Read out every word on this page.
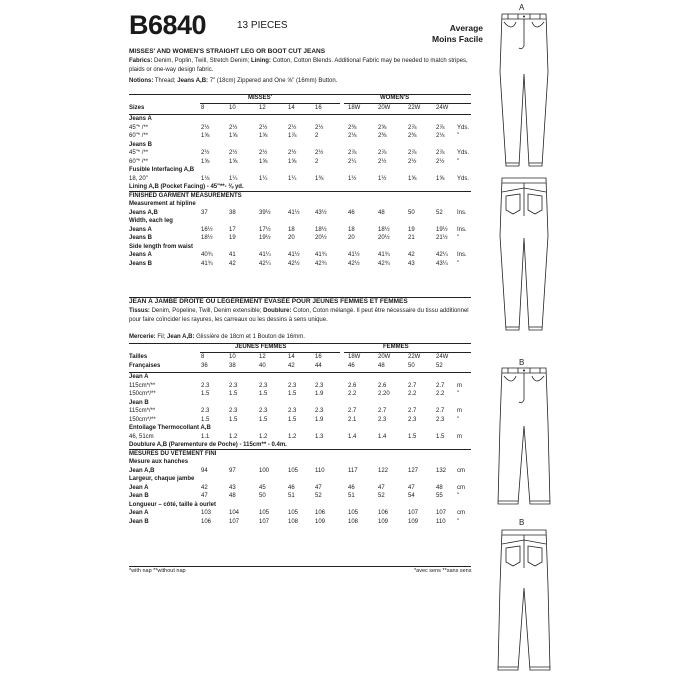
B6840	13 PIECES	Average
Moins Facile
MISSES' AND WOMEN'S STRAIGHT LEG OR BOOT CUT JEANS
Fabrics: Denim, Poplin, Twill, Stretch Denim; Lining: Cotton, Cotton Blends. Additional Fabric may be needed to match stripes, plaids or one-way design fabric.
Notions: Thread; Jeans A,B: 7" (18cm) Zippered and One ⅝" (16mm) Button.
MISSES'	WOMEN'S
Sizes	8	10	12	14	16	18W	20W	22W	24W
Jeans A
45"* /**	2½	2½	2½	2½	2½	2⅜	2⅝	2⅞	2⅞ Yds.
60"* /**	1⅝	1⅝	1⅝	1⅞	2	2⅛	2⅜	2⅜	2⅛ "
Jeans B
45"* /**	2½	2½	2½	2½	2½	2⅞	2⅞	2⅞	2⅞ Yds.
60"* /**	1⅝	1⅝	1⅝	1⅝	2	2¼	2½	2½	2½ "
Fusible Interfacing A,B
18, 20"	1⅛	1¼	1¼	1¼	1⅜	1½	1½	1⅝	1⅝ Yds.
Lining A,B (Pocket Facing) - 45"**- ⅜ yd.
FINISHED GARMENT MEASUREMENTS
Measurement at hipline
Jeans A,B	37	38	39½	41½	43½	46	48	50	52 Ins.
Width, each leg
Jeans A	16½	17	17½	18	18½	18	18½	19	19½ Ins.
Jeans B	18½	19	19½	20	20½	20	20½	21	21½ "
Side length from waist
Jeans A	40¾	41	41¼	41½	41¾	41½	41¾	42	42¼ Ins.
Jeans B	41¾	42	42¼	42½	42¾	42½	42¾	43	43¼ "
JEAN À JAMBE DROITE OU LÉGÈREMENT ÉVASÉE POUR JEUNES FEMMES ET FEMMES
Tissus: Denim, Popeline, Twill, Denim extensible; Doublure: Coton, Coton mélangé. Il peut être nécessaire du tissu additionnel pour faire coïncider les rayures, les carreaux ou les dessins à sens unique.
Mercerie: Fil; Jean A,B: Glissière de 18cm et 1 Bouton de 16mm.
JEUNES FEMMES	FEMMES
Tailles	8	10	12	14	16	18W	20W	22W	24W
Françaises	36	38	40	42	44	46	48	50	52
Jean A
115cm*/**	2.3	2.3	2.3	2.3	2.3	2.6	2.6	2.7	2.7 m
150cm*/**	1.5	1.5	1.5	1.5	1.9	2.2	2.20	2.2	2.2 "
Jean B
115cm*/**	2.3	2.3	2.3	2.3	2.3	2.7	2.7	2.7	2.7 m
150cm*/**	1.5	1.5	1.5	1.5	1.9	2.1	2.3	2.3	2.3 "
Entoilage Thermocollant A,B
46, 51cm	1.1	1.2	1.2	1.2	1.3	1.4	1.4	1.5	1.5 m
Doublure A,B (Parementure de Poche) - 115cm** - 0.4m.
MESURES DU VÊTEMENT FINI
Mesure aux hanches
Jean A,B	94	97	100	105	110	117	122	127	132 cm
Largeur, chaque jambe
Jean A	42	43	45	46	47	46	47	47	48 cm
Jean B	47	48	50	51	52	51	52	54	55 "
Longueur – côté, taille à ourlet
Jean A	103	104	105	105	106	105	106	107	107 cm
Jean B	106	107	107	108	109	108	109	109	110 "
*with nap **without nap	*avec sens **sans sens
A
B
B
